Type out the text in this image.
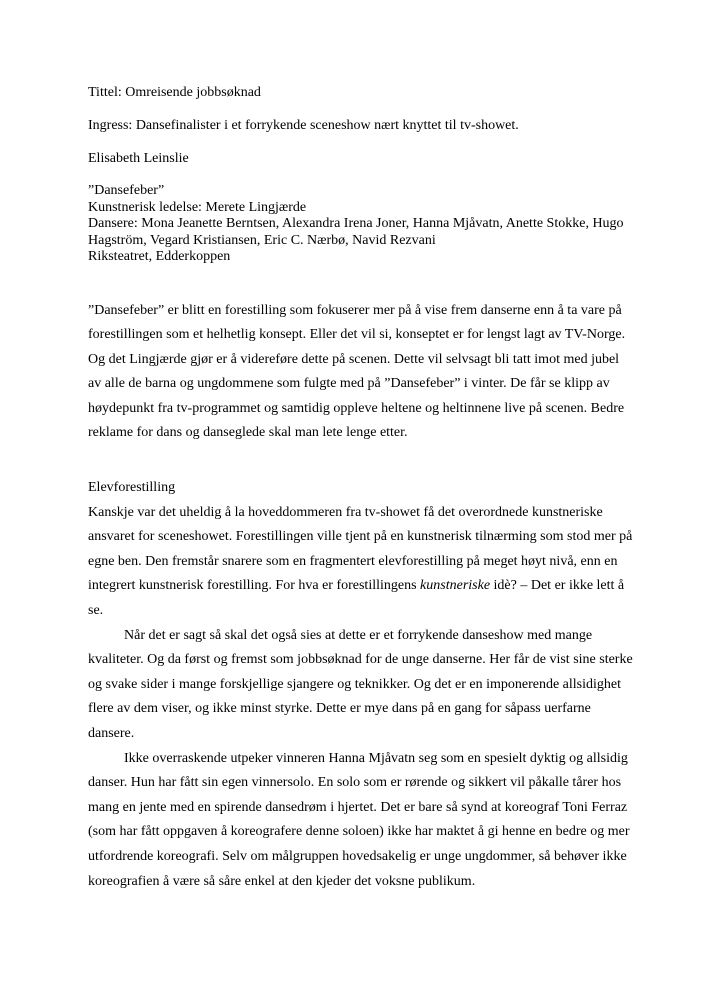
Tittel: Omreisende jobbsøknad

Ingress: Dansefinalister i et forrykende sceneshow nært knyttet til tv-showet.

Elisabeth Leinslie

”Dansefeber”

Kunstnerisk ledelse: Merete Lingjærde

Dansere: Mona Jeanette Berntsen, Alexandra Irena Joner, Hanna Mjåvatn, Anette Stokke, Hugo Hagström, Vegard Kristiansen, Eric C. Nærbø, Navid Rezvani

Riksteatret, Edderkoppen

”Dansefeber” er blitt en forestilling som fokuserer mer på å vise frem danserne enn å ta vare på forestillingen som et helhetlig konsept. Eller det vil si, konseptet er for lengst lagt av TV-Norge. Og det Lingjærde gjør er å videreføre dette på scenen. Dette vil selvsagt bli tatt imot med jubel av alle de barna og ungdommene som fulgte med på ”Dansefeber” i vinter. De får se klipp av høydepunkt fra tv-programmet og samtidig oppleve heltene og heltinnene live på scenen. Bedre reklame for dans og danseglede skal man lete lenge etter.

Elevforestilling

Kanskje var det uheldig å la hoveddommeren fra tv-showet få det overordnede kunstneriske ansvaret for sceneshowet. Forestillingen ville tjent på en kunstnerisk tilnærming som stod mer på egne ben. Den fremstår snarere som en fragmentert elevforestilling på meget høyt nivå, enn en integrert kunstnerisk forestilling. For hva er forestillingens kunstneriske idè? – Det er ikke lett å se.

Når det er sagt så skal det også sies at dette er et forrykende danseshow med mange kvaliteter. Og da først og fremst som jobbsøknad for de unge danserne. Her får de vist sine sterke og svake sider i mange forskjellige sjangere og teknikker. Og det er en imponerende allsidighet flere av dem viser, og ikke minst styrke. Dette er mye dans på en gang for såpass uerfarne dansere.

Ikke overraskende utpeker vinneren Hanna Mjåvatn seg som en spesielt dyktig og allsidig danser. Hun har fått sin egen vinnersolo. En solo som er rørende og sikkert vil påkalle tårer hos mang en jente med en spirende dansedrøm i hjertet. Det er bare så synd at koreograf Toni Ferraz (som har fått oppgaven å koreografere denne soloen) ikke har maktet å gi henne en bedre og mer utfordrende koreografi. Selv om målgruppen hovedsakelig er unge ungdommer, så behøver ikke koreografien å være så såre enkel at den kjeder det voksne publikum.
